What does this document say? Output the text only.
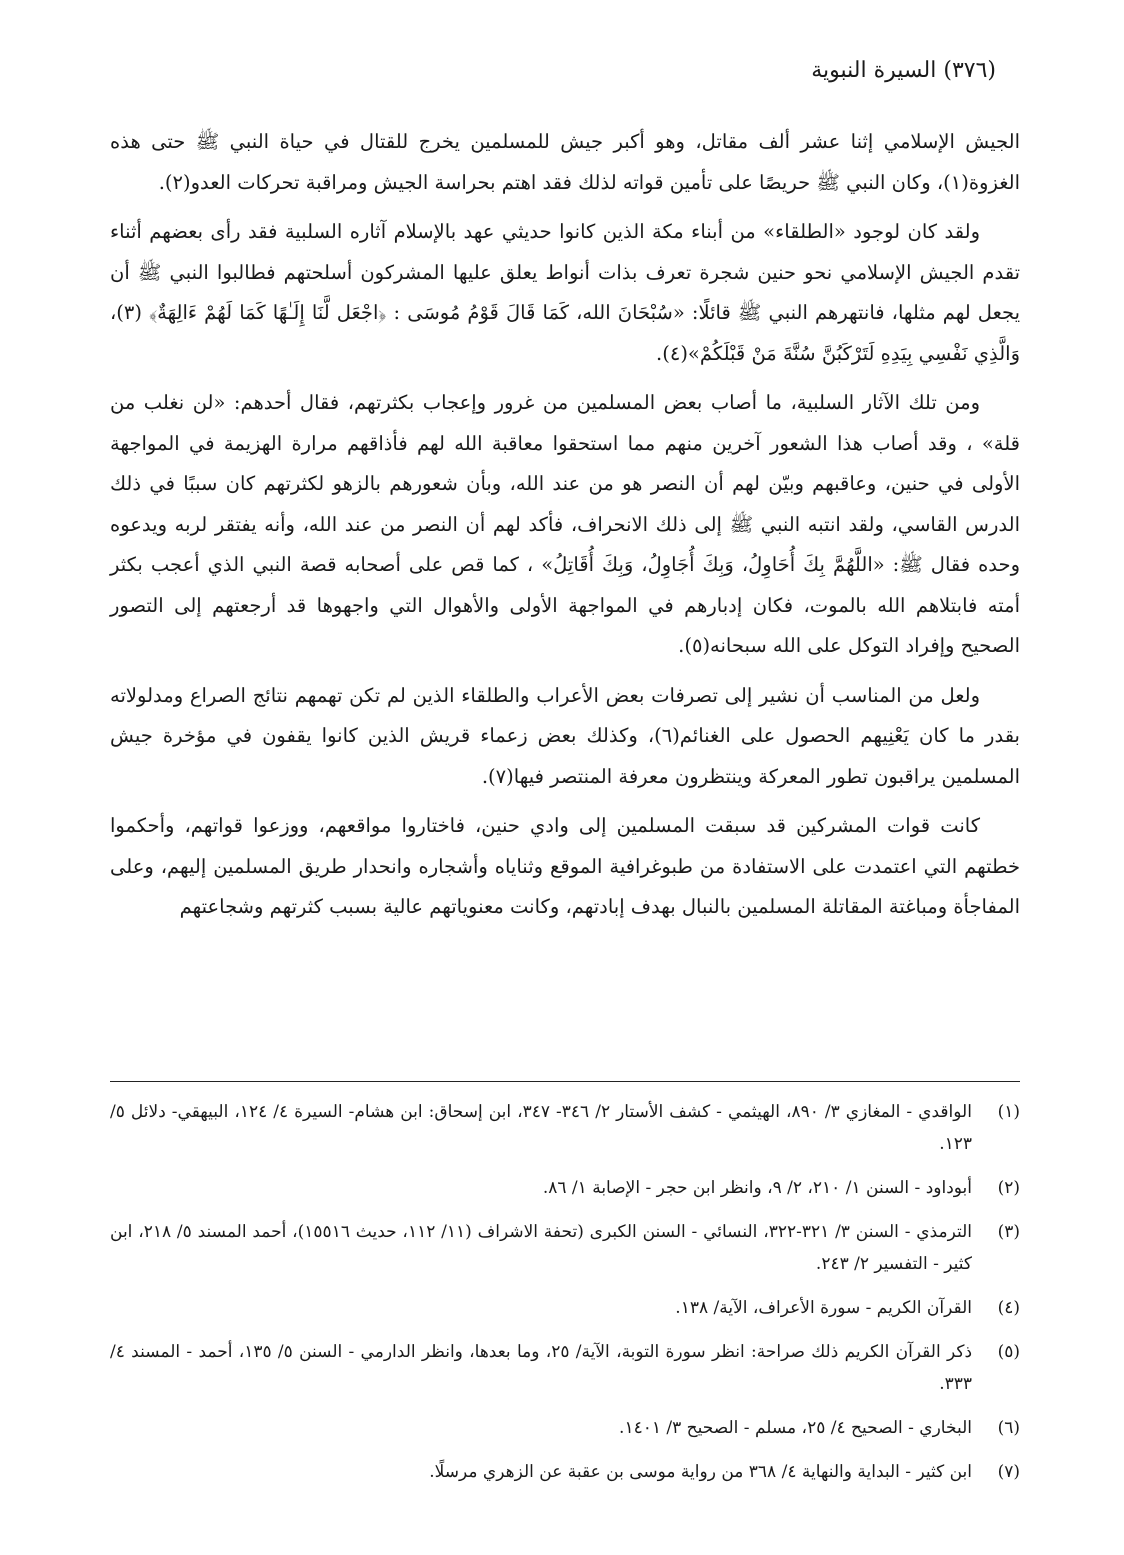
(٣٧٦) السيرة النبوية

الجيش الإسلامي إثنا عشر ألف مقاتل، وهو أكبر جيش للمسلمين يخرج للقتال في حياة النبي ﷺ حتى هذه الغزوة(١)، وكان النبي ﷺ حريصًا على تأمين قواته لذلك فقد اهتم بحراسة الجيش ومراقبة تحركات العدو(٢).

ولقد كان لوجود «الطلقاء» من أبناء مكة الذين كانوا حديثي عهد بالإسلام آثاره السلبية فقد رأى بعضهم أثناء تقدم الجيش الإسلامي نحو حنين شجرة تعرف بذات أنواط يعلق عليها المشركون أسلحتهم فطالبوا النبي ﷺ أن يجعل لهم مثلها، فانتهرهم النبي ﷺ قائلًا: «سُبْحَانَ الله، كَمَا قَالَ قَوْمُ مُوسَى : ﴿اجْعَل لَّنَا إِلَـٰهًا كَمَا لَهُمْ ءَالِهَةٌ﴾ (٣)، وَالَّذِي نَفْسِي بِيَدِهِ لَتَرْكَبُنَّ سُنَّةَ مَنْ قَبْلَكُمْ»(٤).

ومن تلك الآثار السلبية، ما أصاب بعض المسلمين من غرور وإعجاب بكثرتهم، فقال أحدهم: «لن نغلب من قلة» ، وقد أصاب هذا الشعور آخرين منهم مما استحقوا معاقبة الله لهم فأذاقهم مرارة الهزيمة في المواجهة الأولى في حنين، وعاقبهم وبيّن لهم أن النصر هو من عند الله، وبأن شعورهم بالزهو لكثرتهم كان سببًا في ذلك الدرس القاسي، ولقد انتبه النبي ﷺ إلى ذلك الانحراف، فأكد لهم أن النصر من عند الله، وأنه يفتقر لربه ويدعوه وحده فقال ﷺ: «اللَّهُمَّ بِكَ أُحَاوِلُ، وَبِكَ أُجَاوِلُ، وَبِكَ أُقَاتِلُ» ، كما قص على أصحابه قصة النبي الذي أعجب بكثر أمته فابتلاهم الله بالموت، فكان إدبارهم في المواجهة الأولى والأهوال التي واجهوها قد أرجعتهم إلى التصور الصحيح وإفراد التوكل على الله سبحانه(٥).

ولعل من المناسب أن نشير إلى تصرفات بعض الأعراب والطلقاء الذين لم تكن تهمهم نتائج الصراع ومدلولاته بقدر ما كان يَعْنِيهم الحصول على الغنائم(٦)، وكذلك بعض زعماء قريش الذين كانوا يقفون في مؤخرة جيش المسلمين يراقبون تطور المعركة وينتظرون معرفة المنتصر فيها(٧).

كانت قوات المشركين قد سبقت المسلمين إلى وادي حنين، فاختاروا مواقعهم، ووزعوا قواتهم، وأحكموا خطتهم التي اعتمدت على الاستفادة من طبوغرافية الموقع وثناياه وأشجاره وانحدار طريق المسلمين إليهم، وعلى المفاجأة ومباغتة المقاتلة المسلمين بالنبال بهدف إبادتهم، وكانت معنوياتهم عالية بسبب كثرتهم وشجاعتهم

(١)
الواقدي - المغازي ٣/ ٨٩٠، الهيثمي - كشف الأستار ٢/ ٣٤٦- ٣٤٧، ابن إسحاق: ابن هشام- السيرة ٤/ ١٢٤، البيهقي- دلائل ٥/ ١٢٣.
(٢)
أبوداود - السنن ١/ ٢١٠، ٢/ ٩، وانظر ابن حجر - الإصابة ١/ ٨٦.
(٣)
الترمذي - السنن ٣/ ٣٢١-٣٢٢، النسائي - السنن الكبرى (تحفة الاشراف (١١/ ١١٢، حديث ١٥٥١٦)، أحمد المسند ٥/ ٢١٨، ابن كثير - التفسير ٢/ ٢٤٣.
(٤)
القرآن الكريم - سورة الأعراف، الآية/ ١٣٨.
(٥)
ذكر القرآن الكريم ذلك صراحة: انظر سورة التوبة، الآية/ ٢٥، وما بعدها، وانظر الدارمي - السنن ٥/ ١٣٥، أحمد - المسند ٤/ ٣٣٣.
(٦)
البخاري - الصحيح ٤/ ٢٥، مسلم - الصحيح ٣/ ١٤٠١.
(٧)
ابن كثير - البداية والنهاية ٤/ ٣٦٨ من رواية موسى بن عقبة عن الزهري مرسلًا.
